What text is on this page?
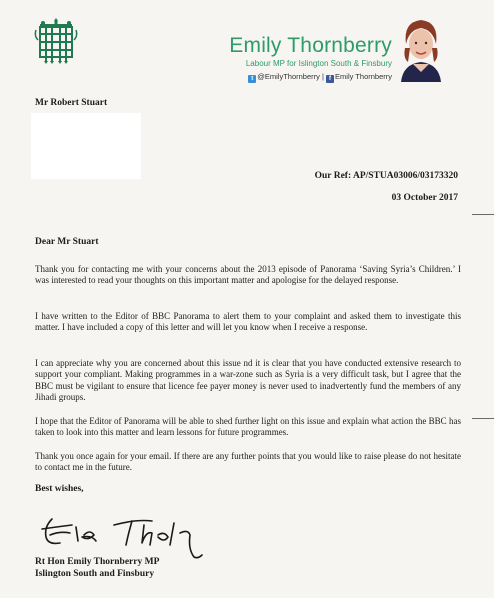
Emily Thornberry
Labour MP for Islington South & Finsbury
t @EmilyThornberry | f Emily Thornberry
Mr Robert Stuart
Our Ref: AP/STUA03006/03173320
03 October 2017
Dear Mr Stuart

Thank you for contacting me with your concerns about the 2013 episode of Panorama ‘Saving Syria’s Children.’ I was interested to read your thoughts on this important matter and apologise for the delayed response.

I have written to the Editor of BBC Panorama to alert them to your complaint and asked them to investigate this matter. I have included a copy of this letter and will let you know when I receive a response.

I can appreciate why you are concerned about this issue nd it is clear that you have conducted extensive research to support your compliant. Making programmes in a war-zone such as Syria is a very difficult task, but I agree that the BBC must be vigilant to ensure that licence fee payer money is never used to inadvertently fund the members of any Jihadi groups.

I hope that the Editor of Panorama will be able to shed further light on this issue and explain what action the BBC has taken to look into this matter and learn lessons for future programmes.

Thank you once again for your email. If there are any further points that you would like to raise please do not hesitate to contact me in the future.

Best wishes,
Rt Hon Emily Thornberry MP
Islington South and Finsbury
